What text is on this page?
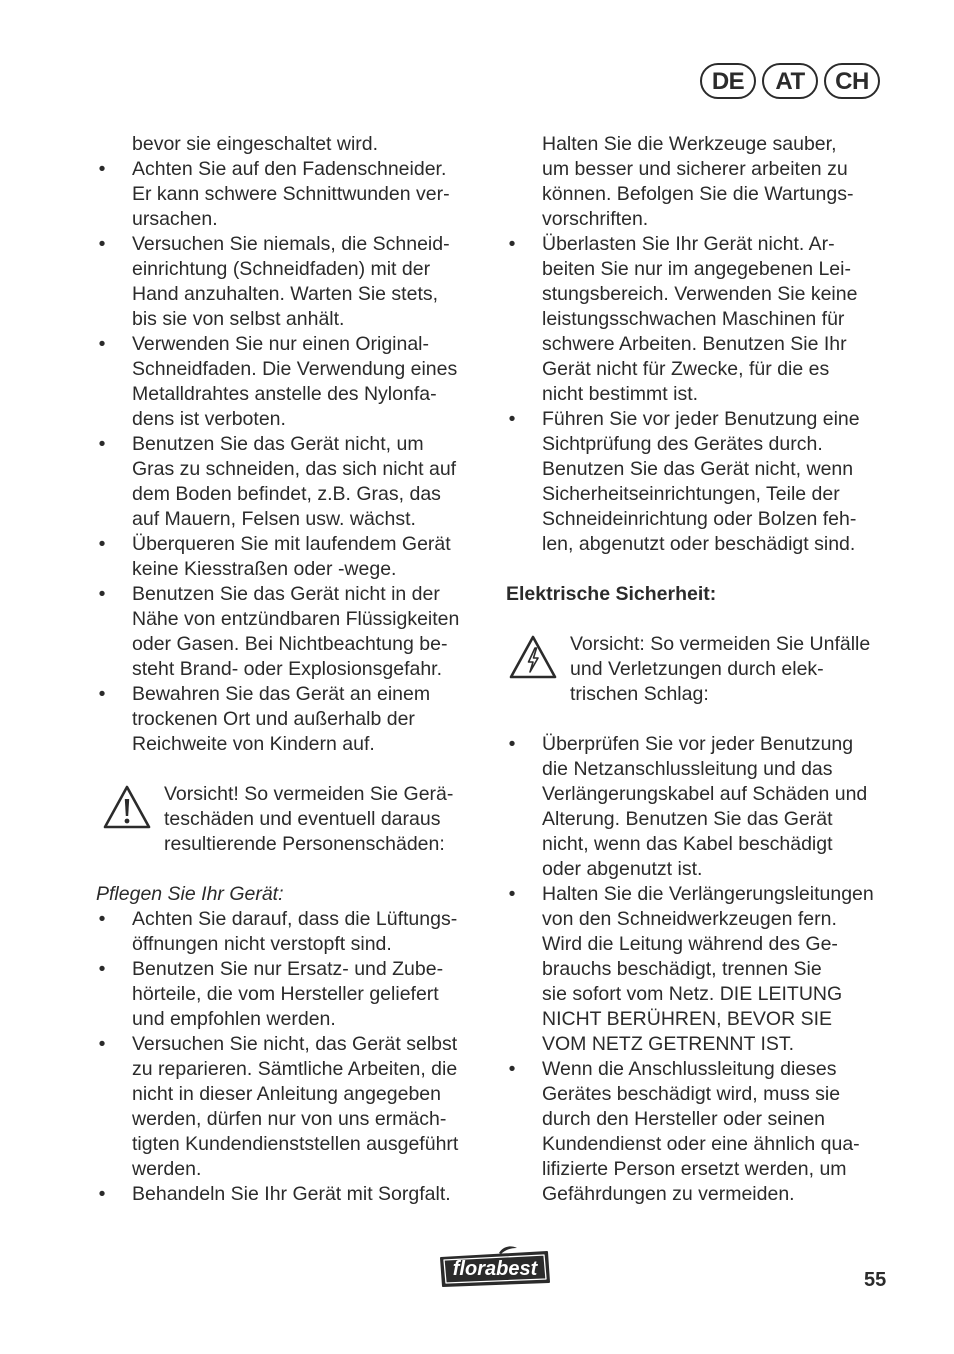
DE	AT	CH

bevor sie eingeschaltet wird.

• Achten Sie auf den Fadenschneider.
Er kann schwere Schnittwunden ver-
ursachen.
• Versuchen Sie niemals, die Schneid-
einrichtung (Schneidfaden) mit der
Hand anzuhalten. Warten Sie stets,
bis sie von selbst anhält.
• Verwenden Sie nur einen Original-
Schneidfaden. Die Verwendung eines
Metalldrahtes anstelle des Nylonfa-
dens ist verboten.
• Benutzen Sie das Gerät nicht, um
Gras zu schneiden, das sich nicht auf
dem Boden befindet, z.B. Gras, das
auf Mauern, Felsen usw. wächst.
• Überqueren Sie mit laufendem Gerät
keine Kiesstraßen oder -wege.
• Benutzen Sie das Gerät nicht in der
Nähe von entzündbaren Flüssigkeiten
oder Gasen. Bei Nichtbeachtung be-
steht Brand- oder Explosionsgefahr.
• Bewahren Sie das Gerät an einem
trockenen Ort und außerhalb der
Reichweite von Kindern auf.
Vorsicht! So vermeiden Sie Gerä-
teschäden und eventuell daraus
resultierende Personenschäden:

Pflegen Sie Ihr Gerät:

• Achten Sie darauf, dass die Lüftungs-
öffnungen nicht verstopft sind.
• Benutzen Sie nur Ersatz- und Zube-
hörteile, die vom Hersteller geliefert
und empfohlen werden.
• Versuchen Sie nicht, das Gerät selbst
zu reparieren. Sämtliche Arbeiten, die
nicht in dieser Anleitung angegeben
werden, dürfen nur von uns ermäch-
tigten Kundendienststellen ausgeführt
werden.
• Behandeln Sie Ihr Gerät mit Sorgfalt.
Halten Sie die Werkzeuge sauber,
um besser und sicherer arbeiten zu
können. Befolgen Sie die Wartungs-
vorschriften.
• Überlasten Sie Ihr Gerät nicht. Ar-
beiten Sie nur im angegebenen Lei-
stungsbereich. Verwenden Sie keine
leistungsschwachen Maschinen für
schwere Arbeiten. Benutzen Sie Ihr
Gerät nicht für Zwecke, für die es
nicht bestimmt ist.
• Führen Sie vor jeder Benutzung eine
Sichtprüfung des Gerätes durch.
Benutzen Sie das Gerät nicht, wenn
Sicherheitseinrichtungen, Teile der
Schneideinrichtung oder Bolzen feh-
len, abgenutzt oder beschädigt sind.

Elektrische Sicherheit:

Vorsicht: So vermeiden Sie Unfälle
und Verletzungen durch elek-
trischen Schlag:
• Überprüfen Sie vor jeder Benutzung
die Netzanschlussleitung und das
Verlängerungskabel auf Schäden und
Alterung. Benutzen Sie das Gerät
nicht, wenn das Kabel beschädigt
oder abgenutzt ist.
• Halten Sie die Verlängerungsleitungen
von den Schneidwerkzeugen fern.
Wird die Leitung während des Ge-
brauchs beschädigt, trennen Sie
sie sofort vom Netz. DIE LEITUNG
NICHT BERÜHREN, BEVOR SIE
VOM NETZ GETRENNT IST.
• Wenn die Anschlussleitung dieses
Gerätes beschädigt wird, muss sie
durch den Hersteller oder seinen
Kundendienst oder eine ähnlich qua-
lifizierte Person ersetzt werden, um
Gefährdungen zu vermeiden.
florabest	55
